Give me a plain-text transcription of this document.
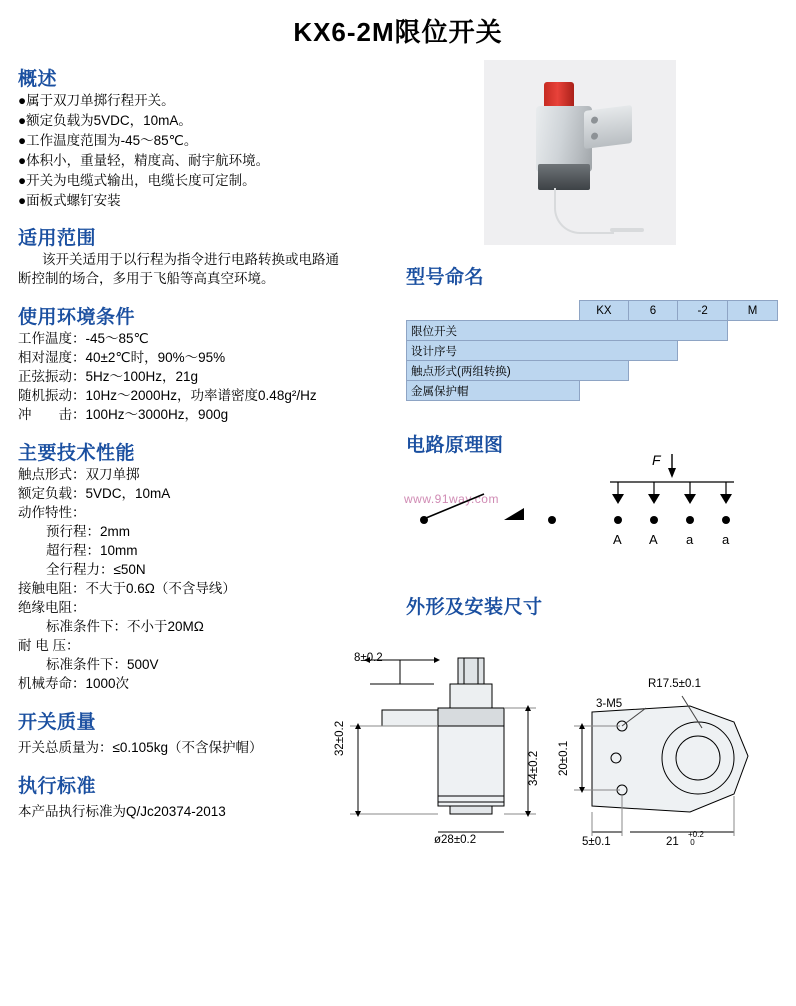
KX6-2M限位开关
概述
●属于双刀单掷行程开关。
●额定负载为5VDC，10mA。
●工作温度范围为-45～85℃。
●体积小，重量轻，精度高、耐宇航环境。
●开关为电缆式输出，电缆长度可定制。
●面板式螺钉安装
适用范围
该开关适用于以行程为指令进行电路转换或电路通断控制的场合，多用于飞船等高真空环境。
使用环境条件
工作温度：-45～85℃
相对湿度：40±2℃时，90%～95%
正弦振动：5Hz～100Hz，21g
随机振动：10Hz～2000Hz，功率谱密度0.48g²/Hz
冲　　击：100Hz～3000Hz，900g
主要技术性能
触点形式：双刀单掷
额定负载：5VDC，10mA
动作特性：
预行程：2mm
超行程：10mm
全行程力：≤50N
接触电阻：不大于0.6Ω（不含导线）
绝缘电阻：
标准条件下：不小于20MΩ
耐 电 压：
标准条件下：500V
机械寿命：1000次
开关质量
开关总质量为：≤0.105kg（不含保护帽）
执行标准
本产品执行标准为Q/Jc20374-2013
型号命名
	KX	6	-2	M
限位开关				
设计序号				
触点形式(两组转换)				
金属保护帽				
电路原理图
www.91way.com
F
A A a a
外形及安装尺寸
8±0.2
32±0.2
34±0.2
ø28±0.2
R17.5±0.1
3-M5
20±0.1
5±0.1	21
+0.2
0
